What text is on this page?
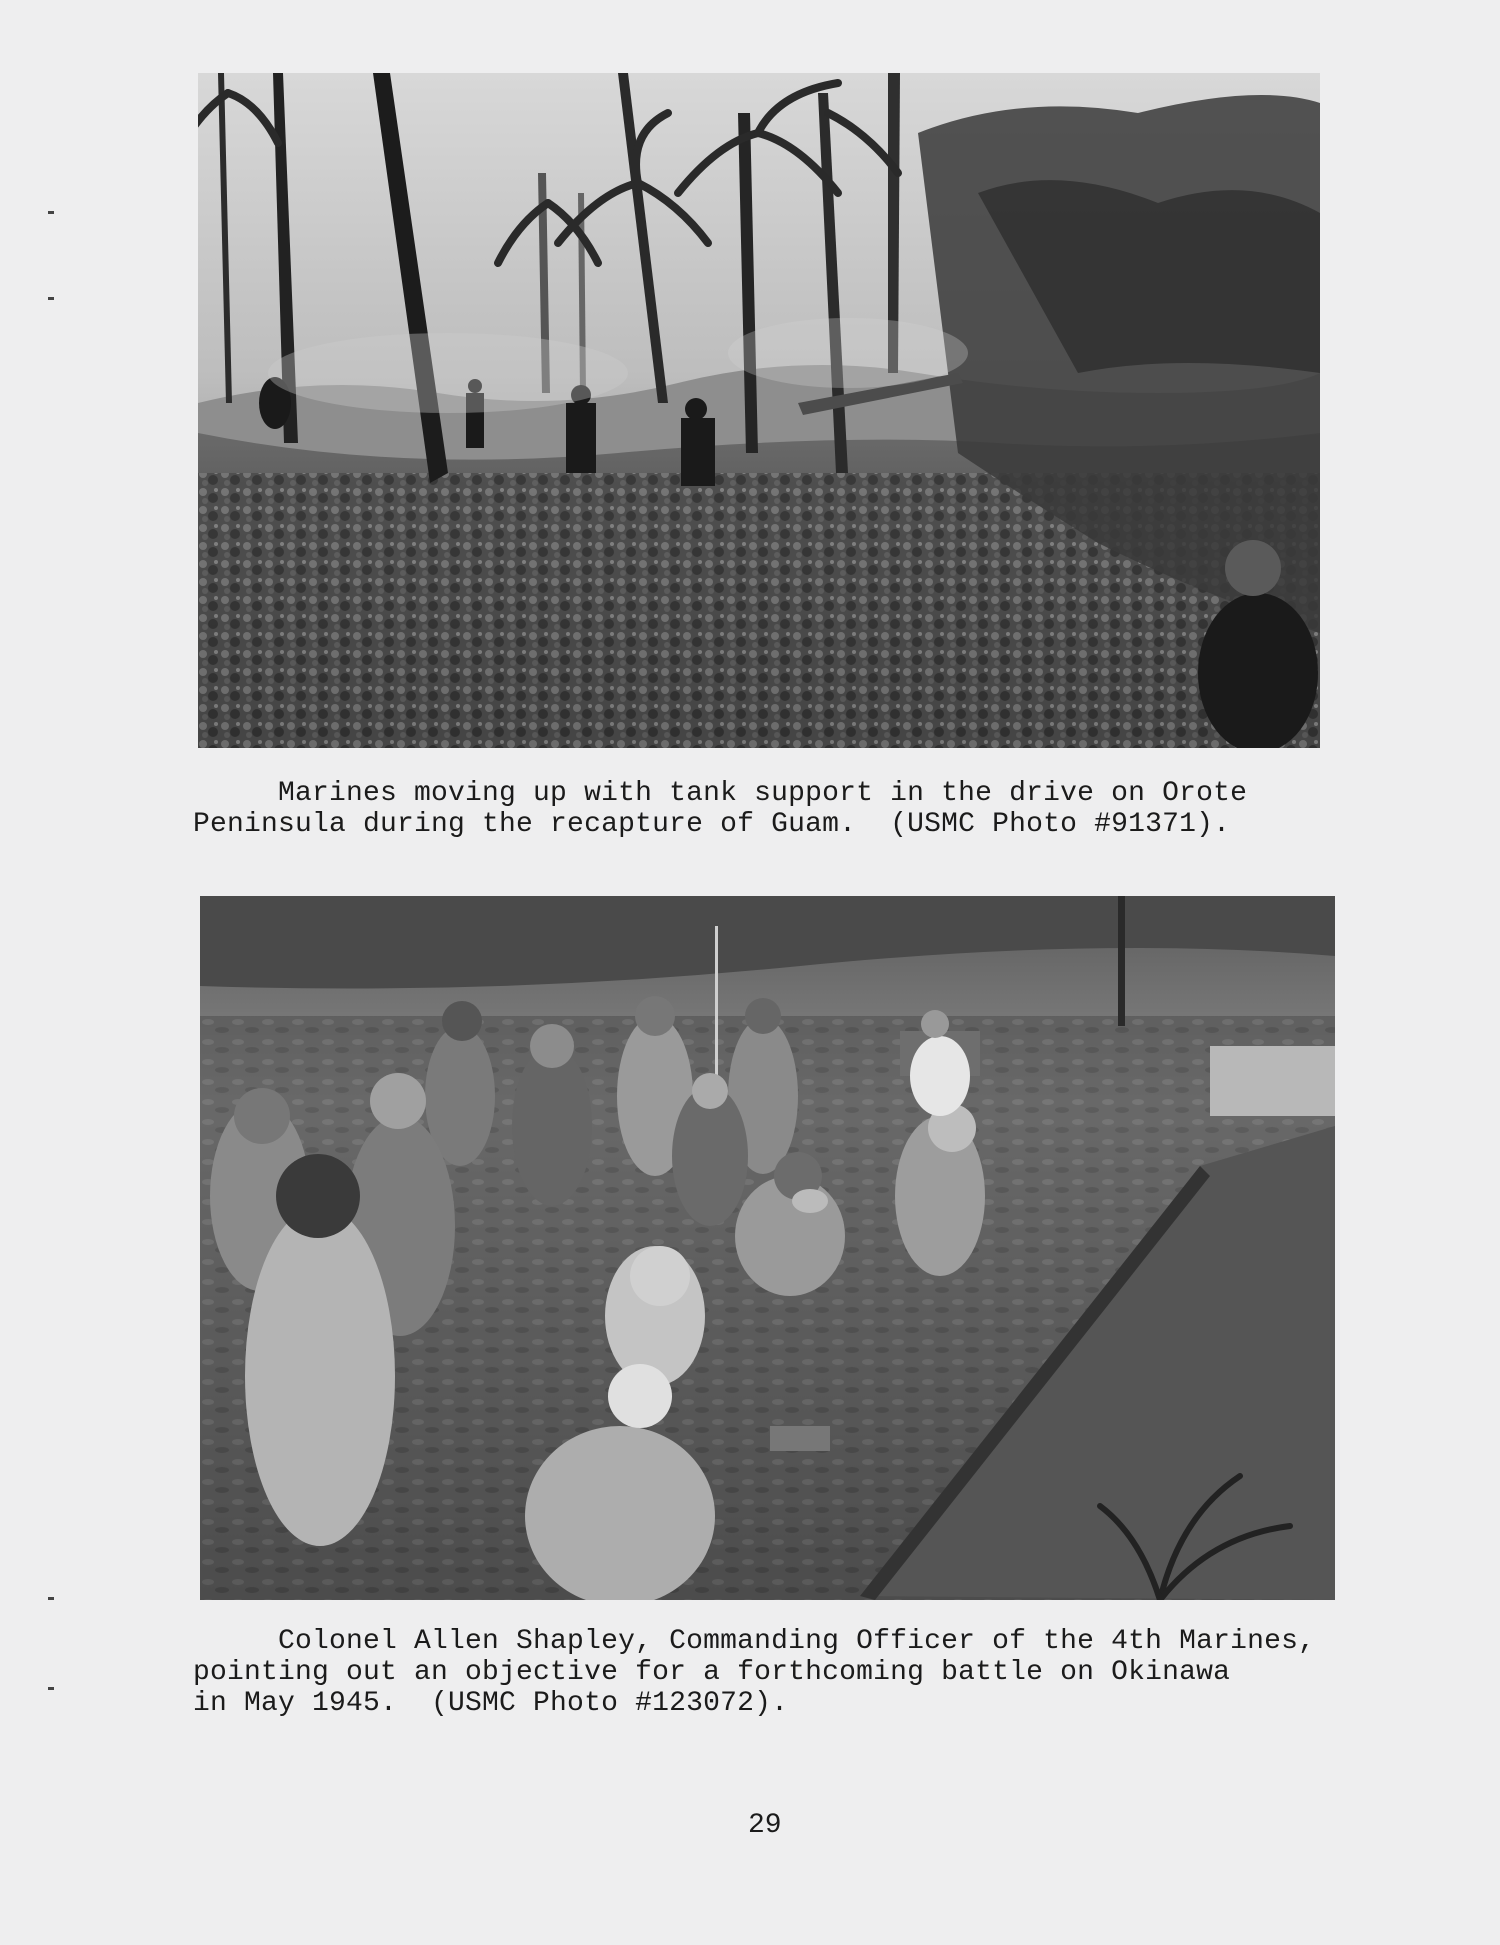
Marines moving up with tank support in the drive on Orote
Peninsula during the recapture of Guam.  (USMC Photo #91371).
Colonel Allen Shapley, Commanding Officer of the 4th Marines,
pointing out an objective for a forthcoming battle on Okinawa
in May 1945.  (USMC Photo #123072).
29
